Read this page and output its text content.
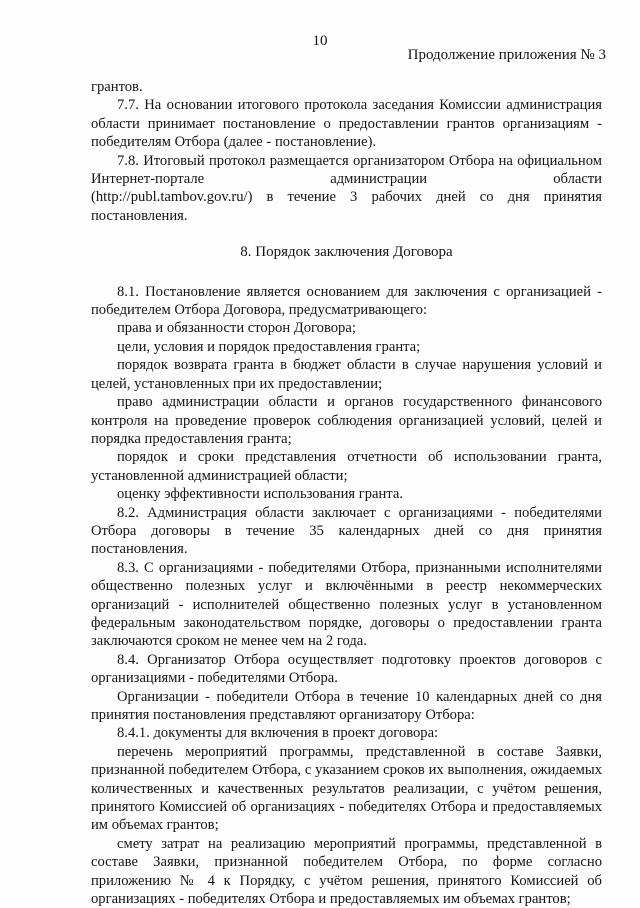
10
Продолжение приложения № 3

грантов.

7.7. На основании итогового протокола заседания Комиссии администрация области принимает постановление о предоставлении грантов организациям - победителям Отбора (далее - постановление).

7.8. Итоговый протокол размещается организатором Отбора на официальном Интернет-портале администрации области

(http://publ.tambov.gov.ru/) в течение 3 рабочих дней со дня принятия постановления.

8. Порядок заключения Договора

8.1. Постановление является основанием для заключения с организацией - победителем Отбора Договора, предусматривающего:

права и обязанности сторон Договора;

цели, условия и порядок предоставления гранта;

порядок возврата гранта в бюджет области в случае нарушения условий и целей, установленных при их предоставлении;

право администрации области и органов государственного финансового контроля на проведение проверок соблюдения организацией условий, целей и порядка предоставления гранта;

порядок и сроки представления отчетности об использовании гранта, установленной администрацией области;

оценку эффективности использования гранта.

8.2. Администрация области заключает с организациями - победителями Отбора договоры в течение 35 календарных дней со дня принятия постановления.

8.3. С организациями - победителями Отбора, признанными исполнителями общественно полезных услуг и включёнными в реестр некоммерческих организаций - исполнителей общественно полезных услуг в установленном федеральным законодательством порядке, договоры о предоставлении гранта заключаются сроком не менее чем на 2 года.

8.4. Организатор Отбора осуществляет подготовку проектов договоров с организациями - победителями Отбора.

Организации - победители Отбора в течение 10 календарных дней со дня принятия постановления представляют организатору Отбора:

8.4.1. документы для включения в проект договора:

перечень мероприятий программы, представленной в составе Заявки, признанной победителем Отбора, с указанием сроков их выполнения, ожидаемых количественных и качественных результатов реализации, с учётом решения, принятого Комиссией об организациях - победителях Отбора и предоставляемых им объемах грантов;

смету затрат на реализацию мероприятий программы, представленной в составе Заявки, признанной победителем Отбора, по форме согласно приложению № 4 к Порядку, с учётом решения, принятого Комиссией об организациях - победителях Отбора и предоставляемых им объемах грантов;
